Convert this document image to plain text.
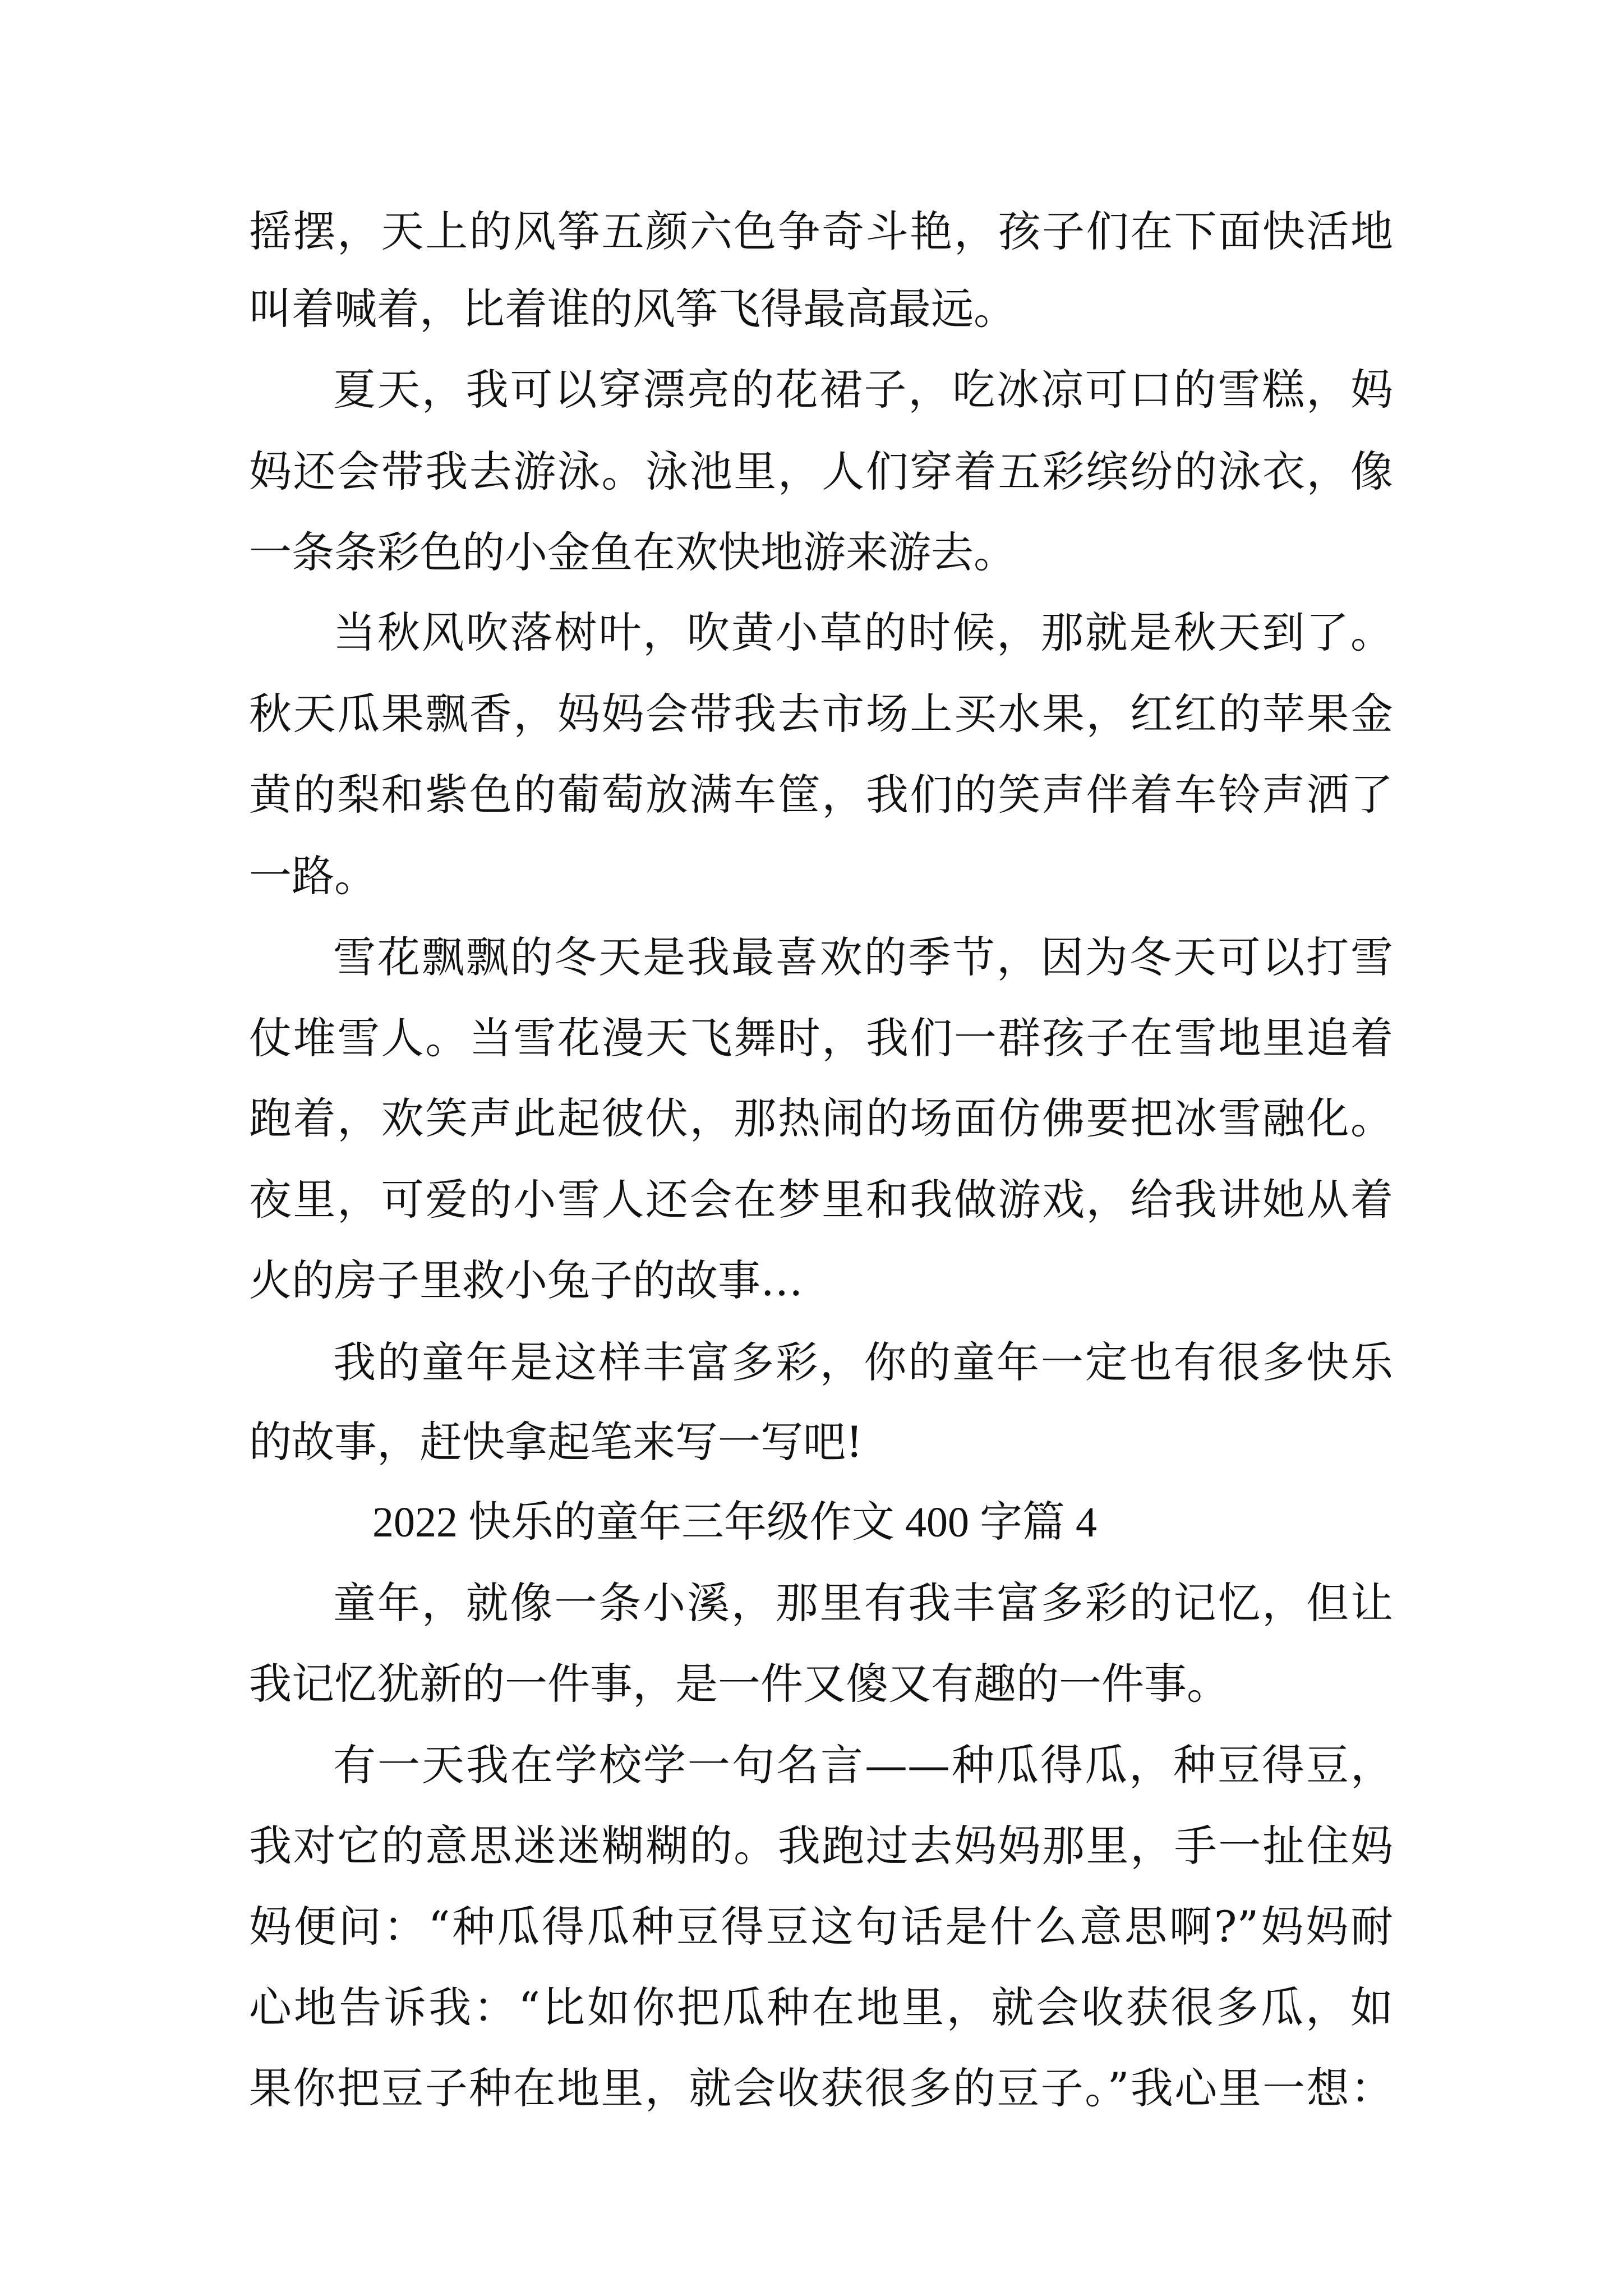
摇摆，天上的风筝五颜六色争奇斗艳，孩子们在下面快活地
叫着喊着，比着谁的风筝飞得最高最远。
夏天，我可以穿漂亮的花裙子，吃冰凉可口的雪糕，妈
妈还会带我去游泳。泳池里，人们穿着五彩缤纷的泳衣，像
一条条彩色的小金鱼在欢快地游来游去。
当秋风吹落树叶，吹黄小草的时候，那就是秋天到了。
秋天瓜果飘香，妈妈会带我去市场上买水果，红红的苹果金
黄的梨和紫色的葡萄放满车筐，我们的笑声伴着车铃声洒了
一路。
雪花飘飘的冬天是我最喜欢的季节，因为冬天可以打雪
仗堆雪人。当雪花漫天飞舞时，我们一群孩子在雪地里追着
跑着，欢笑声此起彼伏，那热闹的场面仿佛要把冰雪融化。
夜里，可爱的小雪人还会在梦里和我做游戏，给我讲她从着
火的房子里救小兔子的故事…
我的童年是这样丰富多彩，你的童年一定也有很多快乐
的故事，赶快拿起笔来写一写吧!
2022 快乐的童年三年级作文 400 字篇 4
童年，就像一条小溪，那里有我丰富多彩的记忆，但让
我记忆犹新的一件事，是一件又傻又有趣的一件事。
有一天我在学校学一句名言——种瓜得瓜，种豆得豆，
我对它的意思迷迷糊糊的。我跑过去妈妈那里，手一扯住妈
妈便问：“种瓜得瓜种豆得豆这句话是什么意思啊?”妈妈耐
心地告诉我：“比如你把瓜种在地里，就会收获很多瓜，如
果你把豆子种在地里，就会收获很多的豆子。”我心里一想：
